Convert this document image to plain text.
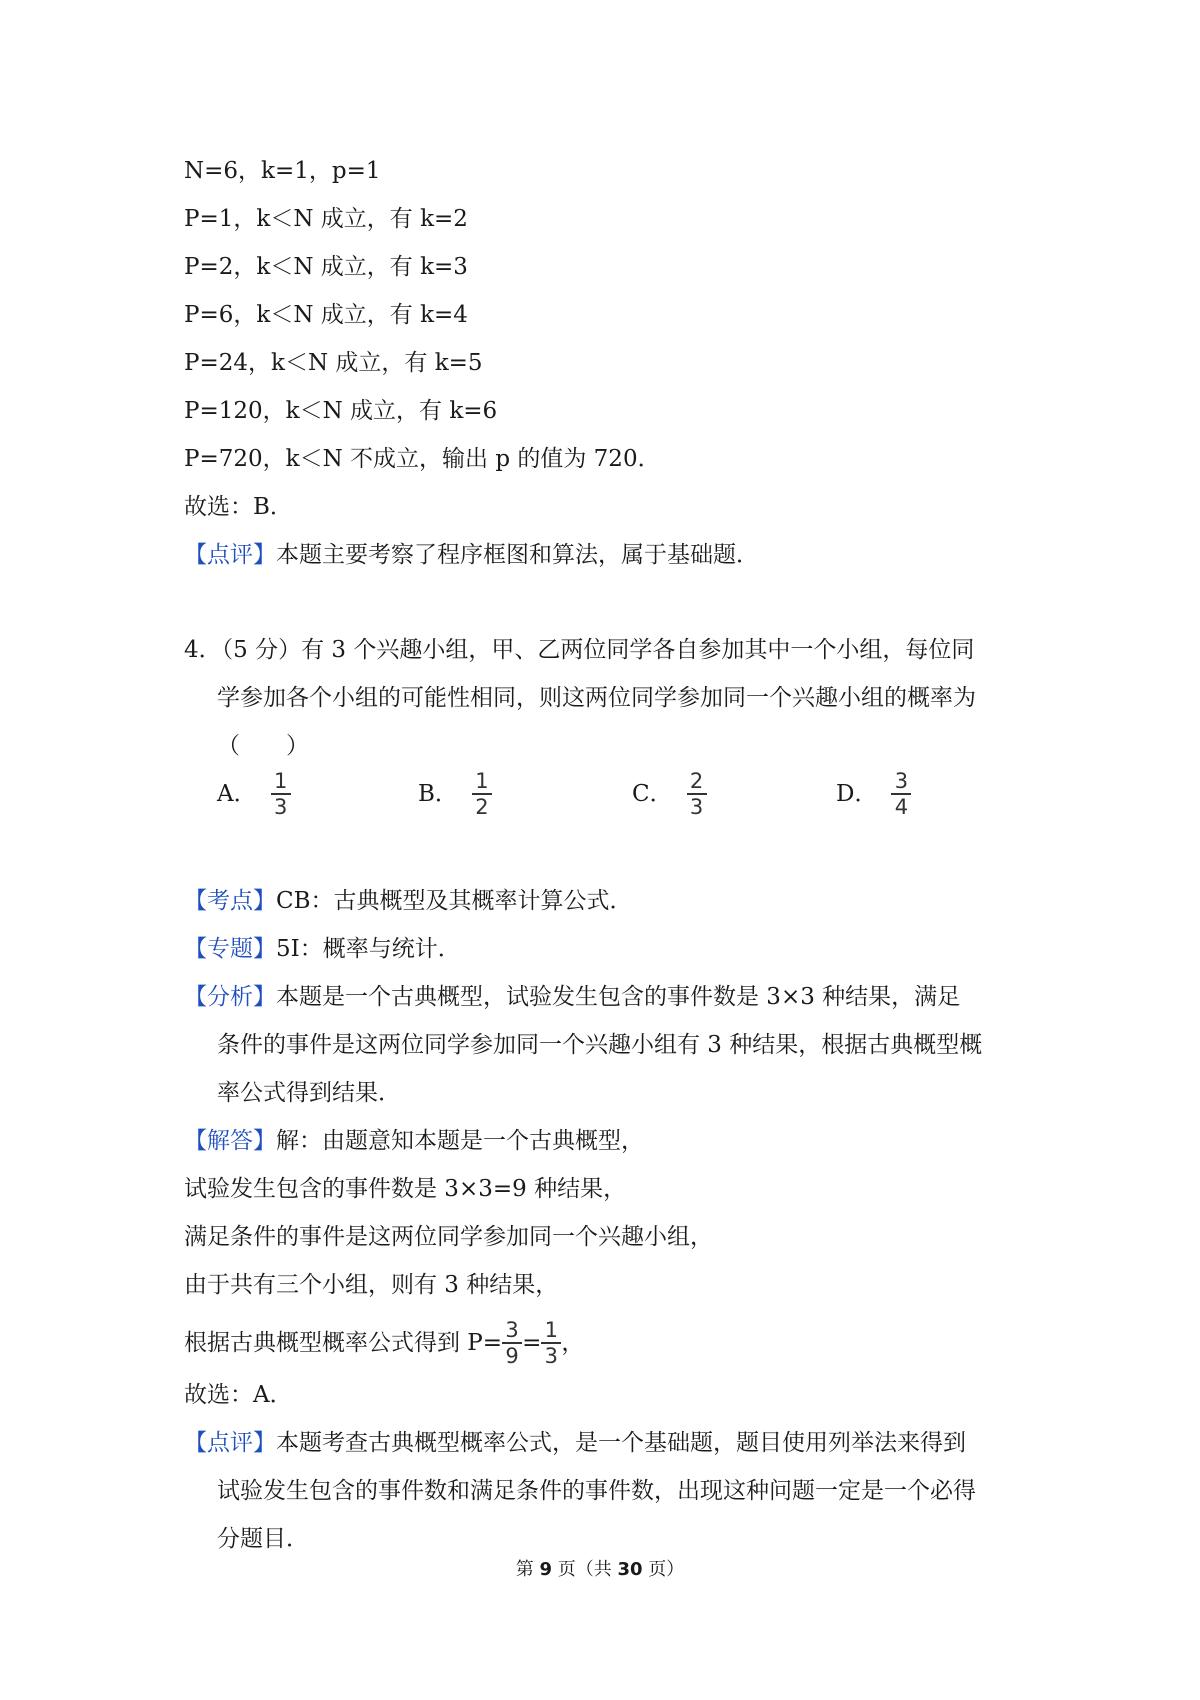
N=6，k=1，p=1
P=1，k＜N 成立，有 k=2
P=2，k＜N 成立，有 k=3
P=6，k＜N 成立，有 k=4
P=24，k＜N 成立，有 k=5
P=120，k＜N 成立，有 k=6
P=720，k＜N 不成立，输出 p 的值为 720．
故选：B．
【点评】本题主要考察了程序框图和算法，属于基础题．
4．（5 分）有 3 个兴趣小组，甲、乙两位同学各自参加其中一个小组，每位同
学参加各个小组的可能性相同，则这两位同学参加同一个兴趣小组的概率为
（　　）
A． $\frac{1}{3}$	B． $\frac{1}{2}$	C． $\frac{2}{3}$	D． $\frac{3}{4}$
【考点】CB：古典概型及其概率计算公式．
【专题】5I：概率与统计．
【分析】本题是一个古典概型，试验发生包含的事件数是 3×3 种结果，满足
条件的事件是这两位同学参加同一个兴趣小组有 3 种结果，根据古典概型概
率公式得到结果．
【解答】解：由题意知本题是一个古典概型，
试验发生包含的事件数是 3×3=9 种结果，
满足条件的事件是这两位同学参加同一个兴趣小组，
由于共有三个小组，则有 3 种结果，
根据古典概型概率公式得到 $P= \frac{3}{9} = \frac{1}{3}$ ，
故选：A．
【点评】本题考查古典概型概率公式，是一个基础题，题目使用列举法来得到
试验发生包含的事件数和满足条件的事件数，出现这种问题一定是一个必得
分题目．
第 9 页（共 30 页）
